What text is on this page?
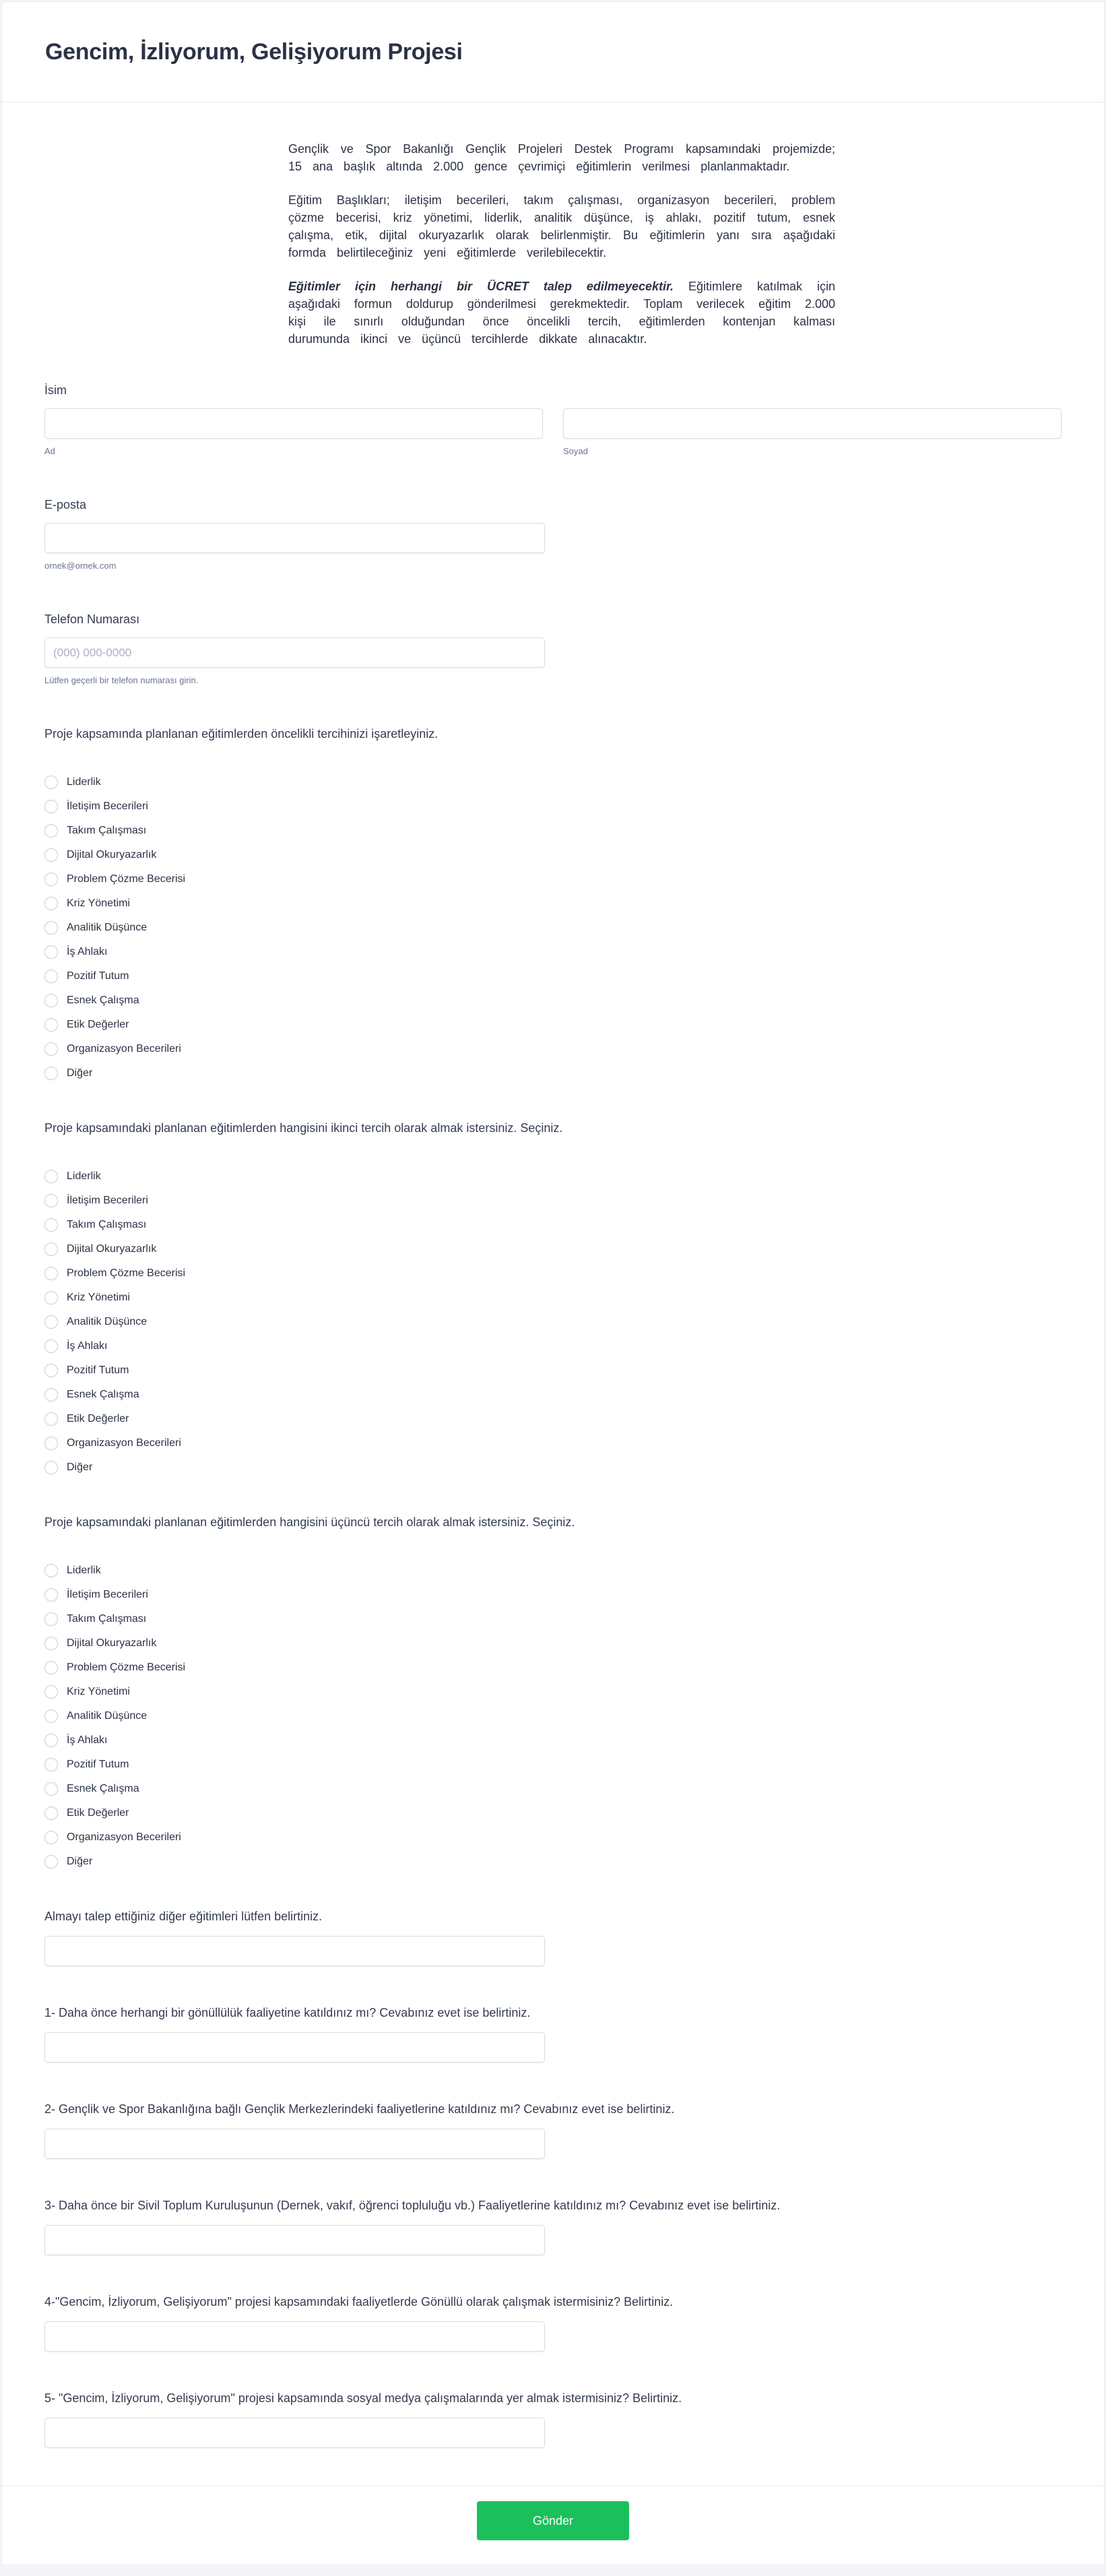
Gencim, İzliyorum, Gelişiyorum Projesi

Gençlik ve Spor Bakanlığı Gençlik Projeleri Destek Programı kapsamındaki projemizde; 15 ana başlık altında 2.000 gence çevrimiçi eğitimlerin verilmesi planlanmaktadır.

Eğitim Başlıkları; iletişim becerileri, takım çalışması, organizasyon becerileri, problem çözme becerisi, kriz yönetimi, liderlik, analitik düşünce, iş ahlakı, pozitif tutum, esnek çalışma, etik, dijital okuryazarlık olarak belirlenmiştir. Bu eğitimlerin yanı sıra aşağıdaki formda belirtileceğiniz yeni eğitimlerde verilebilecektir.

Eğitimler için herhangi bir ÜCRET talep edilmeyecektir. Eğitimlere katılmak için aşağıdaki formun doldurup gönderilmesi gerekmektedir. Toplam verilecek eğitim 2.000 kişi ile sınırlı olduğundan önce öncelikli tercih, eğitimlerden kontenjan kalması durumunda ikinci ve üçüncü tercihlerde dikkate alınacaktır.

İsim
Ad	Soyad
E-posta
ornek@ornek.com
Telefon Numarası
(000) 000-0000
Lütfen geçerli bir telefon numarası girin.
Proje kapsamında planlanan eğitimlerden öncelikli tercihinizi işaretleyiniz.
Liderlik
İletişim Becerileri
Takım Çalışması
Dijital Okuryazarlık
Problem Çözme Becerisi
Kriz Yönetimi
Analitik Düşünce
İş Ahlakı
Pozitif Tutum
Esnek Çalışma
Etik Değerler
Organizasyon Becerileri
Diğer
Proje kapsamındaki planlanan eğitimlerden hangisini ikinci tercih olarak almak istersiniz. Seçiniz.
Liderlik
İletişim Becerileri
Takım Çalışması
Dijital Okuryazarlık
Problem Çözme Becerisi
Kriz Yönetimi
Analitik Düşünce
İş Ahlakı
Pozitif Tutum
Esnek Çalışma
Etik Değerler
Organizasyon Becerileri
Diğer
Proje kapsamındaki planlanan eğitimlerden hangisini üçüncü tercih olarak almak istersiniz. Seçiniz.
Liderlik
İletişim Becerileri
Takım Çalışması
Dijital Okuryazarlık
Problem Çözme Becerisi
Kriz Yönetimi
Analitik Düşünce
İş Ahlakı
Pozitif Tutum
Esnek Çalışma
Etik Değerler
Organizasyon Becerileri
Diğer
Almayı talep ettiğiniz diğer eğitimleri lütfen belirtiniz.
1- Daha önce herhangi bir gönüllülük faaliyetine katıldınız mı? Cevabınız evet ise belirtiniz.
2- Gençlik ve Spor Bakanlığına bağlı Gençlik Merkezlerindeki faaliyetlerine katıldınız mı? Cevabınız evet ise belirtiniz.
3- Daha önce bir Sivil Toplum Kuruluşunun (Dernek, vakıf, öğrenci topluluğu vb.) Faaliyetlerine katıldınız mı? Cevabınız evet ise belirtiniz.
4-"Gencim, İzliyorum, Gelişiyorum" projesi kapsamındaki faaliyetlerde Gönüllü olarak çalışmak istermisiniz? Belirtiniz.
5- "Gencim, İzliyorum, Gelişiyorum" projesi kapsamında sosyal medya çalışmalarında yer almak istermisiniz? Belirtiniz.
Gönder
